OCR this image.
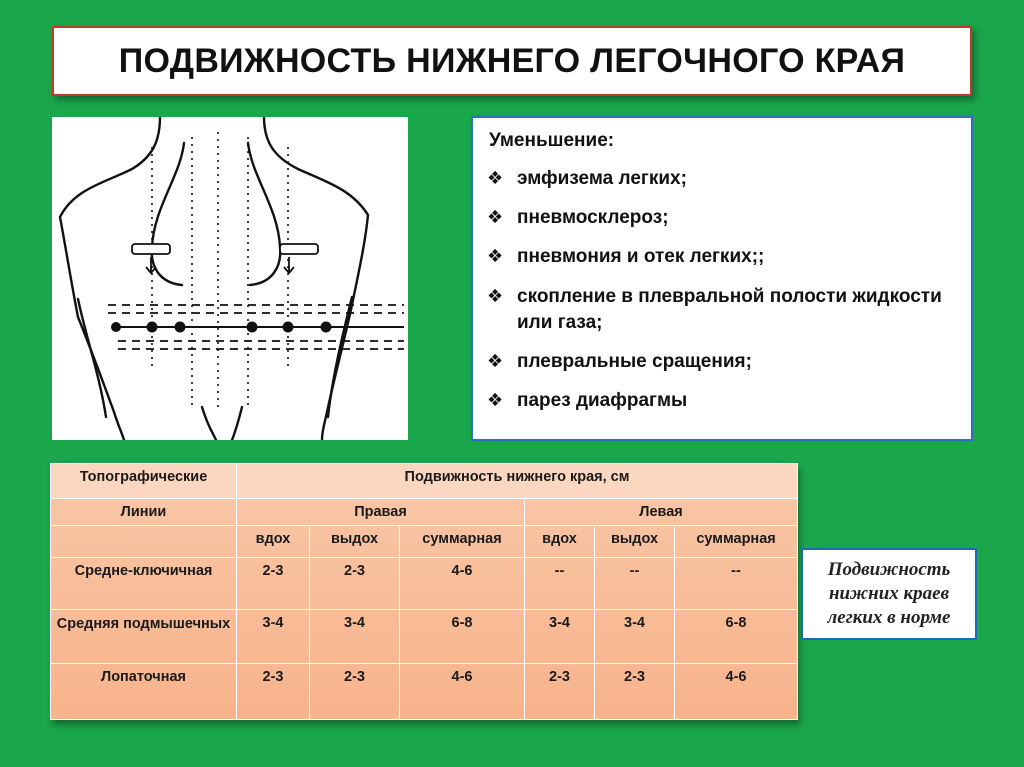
ПОДВИЖНОСТЬ НИЖНЕГО ЛЕГОЧНОГО КРАЯ
Уменьшение:
❖ эмфизема легких;
❖ пневмосклероз;
❖ пневмония и отек легких;;
❖ скопление в плевральной полости жидкости или газа;
❖ плевральные сращения;
❖ парез диафрагмы
Топографические	Подвижность нижнего края, см					
Линии	Правая			Левая		
	вдох	выдох	суммарная	вдох	выдох	суммарная
Средне-ключичная	2-3	2-3	4-6	--	--	--
Средняя подмышечных	3-4	3-4	6-8	3-4	3-4	6-8
Лопаточная	2-3	2-3	4-6	2-3	2-3	4-6
Подвижность нижних краев легких в норме
